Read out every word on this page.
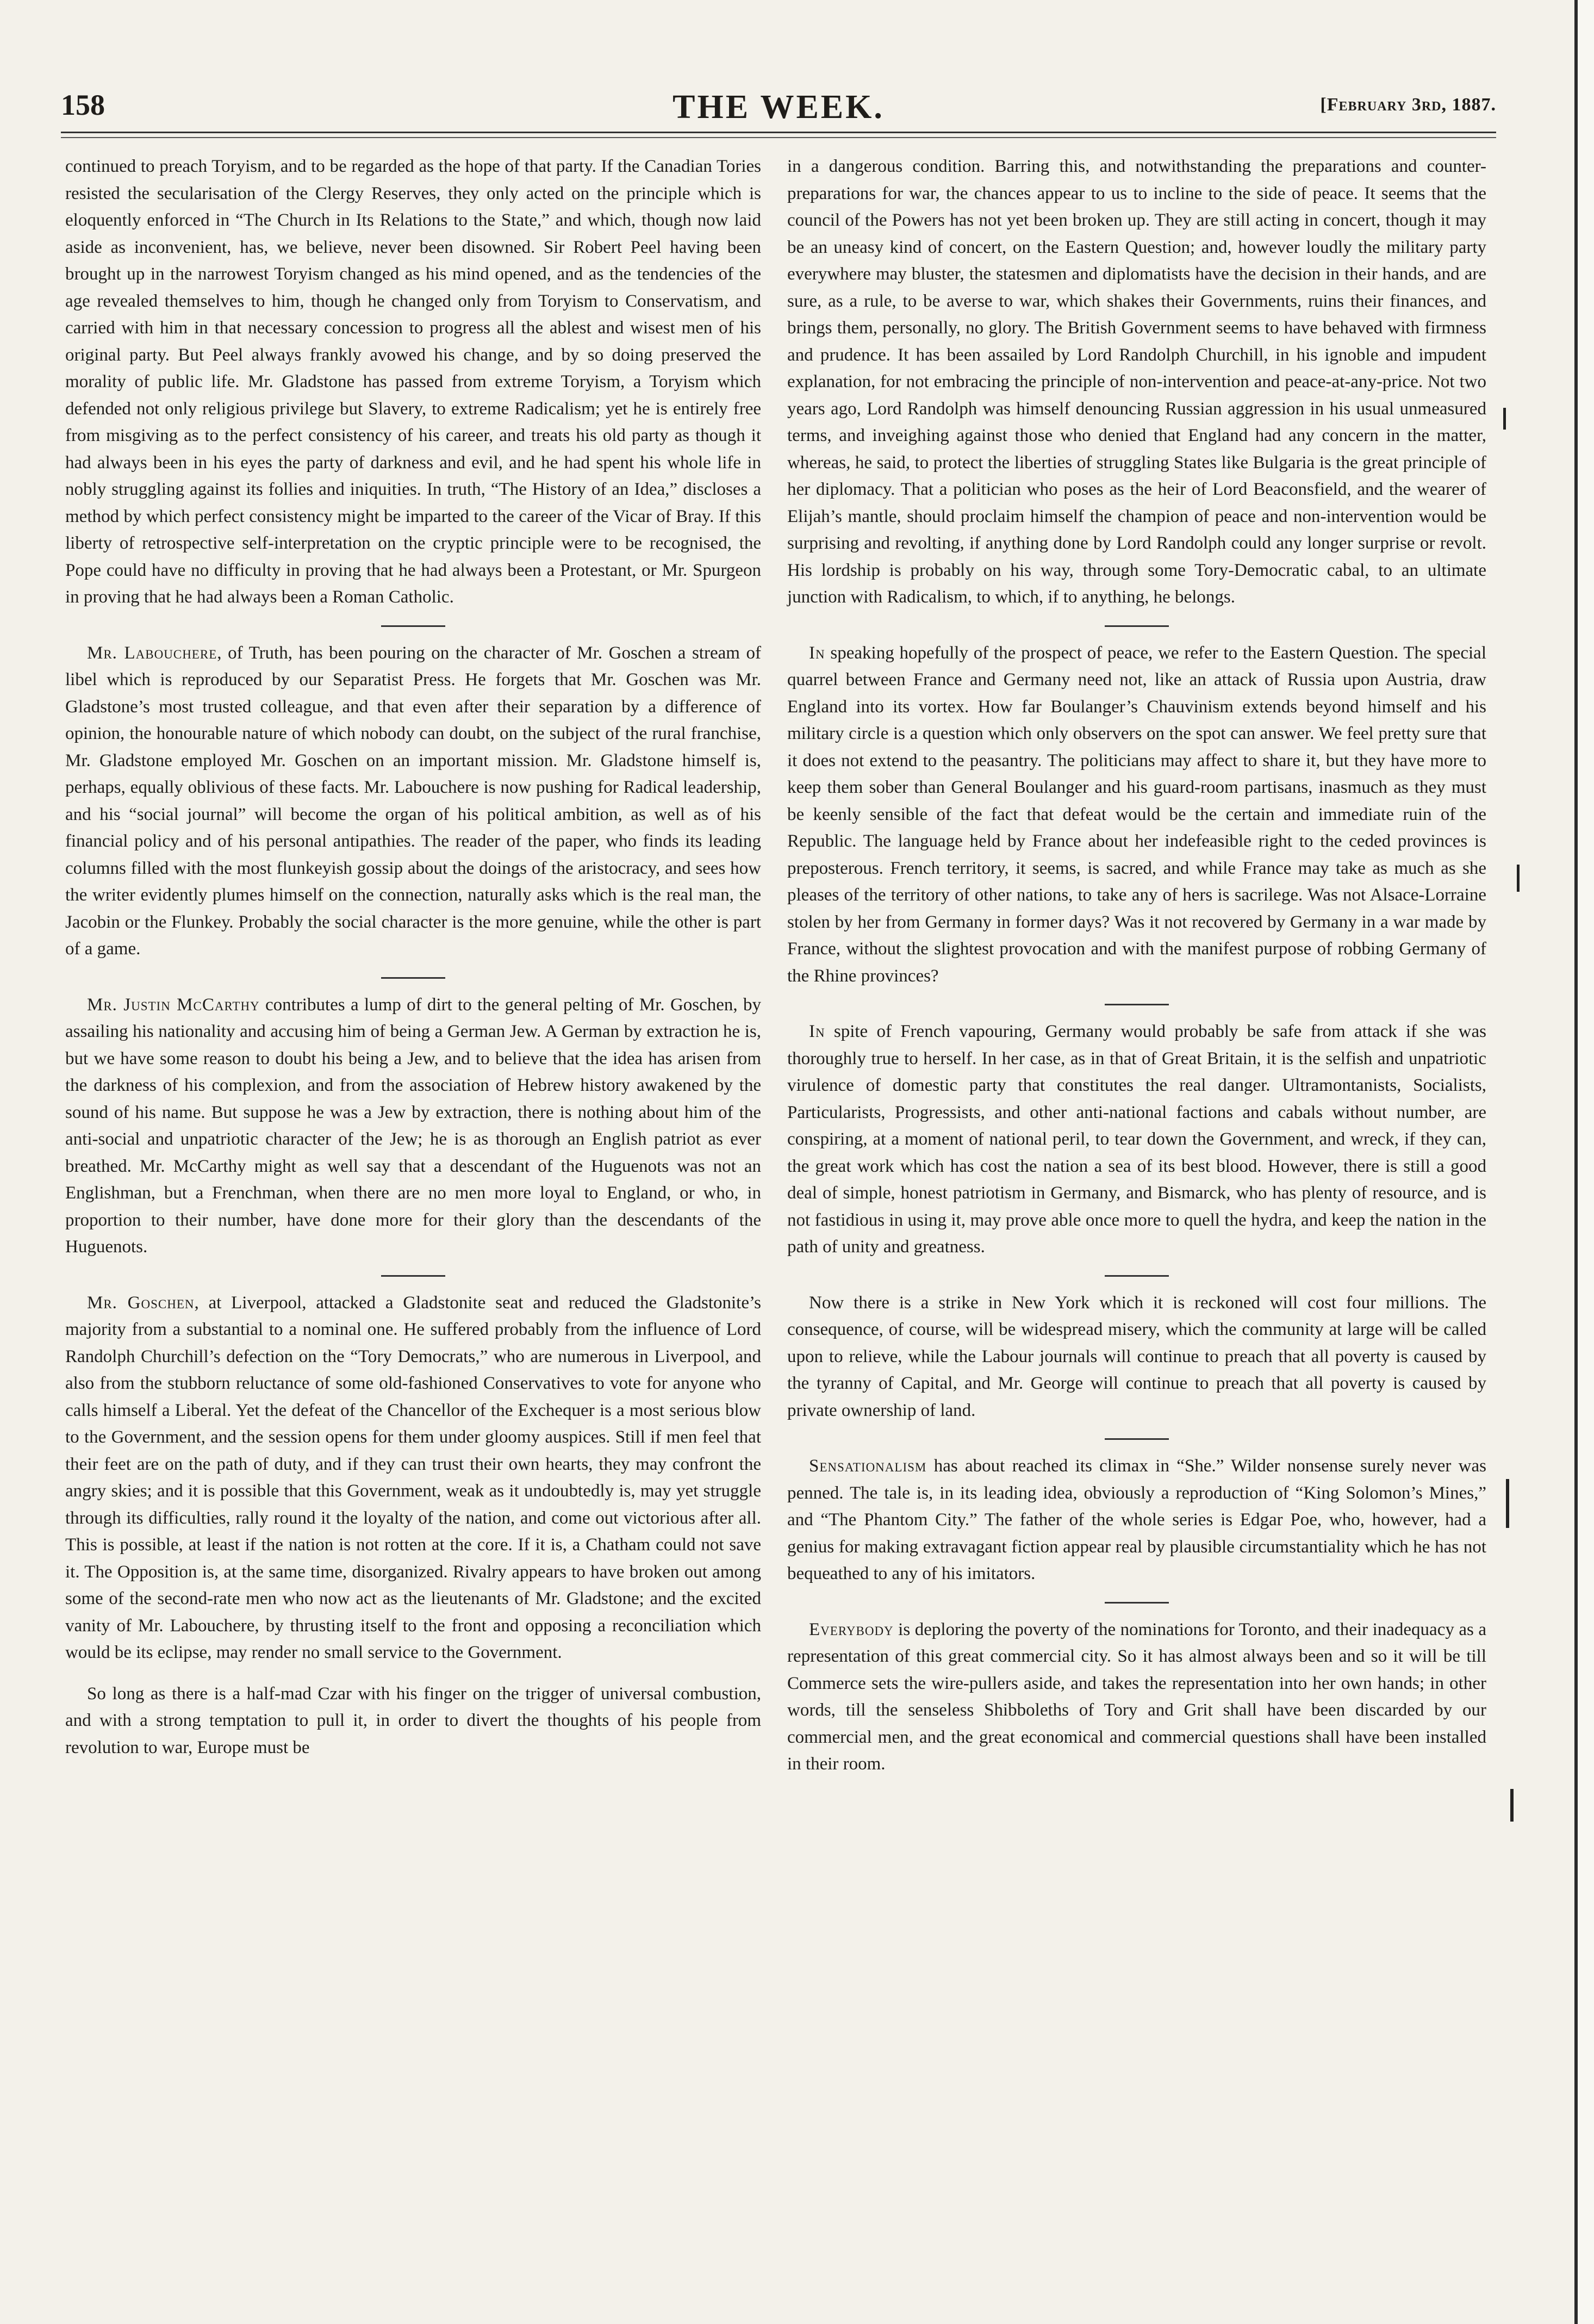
158	THE WEEK.	[February 3rd, 1887.

continued to preach Toryism, and to be regarded as the hope of that party. If the Canadian Tories resisted the secularisation of the Clergy Reserves, they only acted on the principle which is eloquently enforced in “The Church in Its Relations to the State,” and which, though now laid aside as inconvenient, has, we believe, never been disowned. Sir Robert Peel having been brought up in the narrowest Toryism changed as his mind opened, and as the tendencies of the age revealed themselves to him, though he changed only from Toryism to Conservatism, and carried with him in that necessary concession to progress all the ablest and wisest men of his original party. But Peel always frankly avowed his change, and by so doing preserved the morality of public life. Mr. Gladstone has passed from extreme Toryism, a Toryism which defended not only religious privilege but Slavery, to extreme Radicalism; yet he is entirely free from misgiving as to the perfect consistency of his career, and treats his old party as though it had always been in his eyes the party of darkness and evil, and he had spent his whole life in nobly struggling against its follies and iniquities. In truth, “The History of an Idea,” discloses a method by which perfect consistency might be imparted to the career of the Vicar of Bray. If this liberty of retrospective self-interpretation on the cryptic principle were to be recognised, the Pope could have no difficulty in proving that he had always been a Protestant, or Mr. Spurgeon in proving that he had always been a Roman Catholic.

Mr. Labouchere, of Truth, has been pouring on the character of Mr. Goschen a stream of libel which is reproduced by our Separatist Press. He forgets that Mr. Goschen was Mr. Gladstone’s most trusted colleague, and that even after their separation by a difference of opinion, the honourable nature of which nobody can doubt, on the subject of the rural franchise, Mr. Gladstone employed Mr. Goschen on an important mission. Mr. Gladstone himself is, perhaps, equally oblivious of these facts. Mr. Labouchere is now pushing for Radical leadership, and his “social journal” will become the organ of his political ambition, as well as of his financial policy and of his personal antipathies. The reader of the paper, who finds its leading columns filled with the most flunkeyish gossip about the doings of the aristocracy, and sees how the writer evidently plumes himself on the connection, naturally asks which is the real man, the Jacobin or the Flunkey. Probably the social character is the more genuine, while the other is part of a game.

Mr. Justin McCarthy contributes a lump of dirt to the general pelting of Mr. Goschen, by assailing his nationality and accusing him of being a German Jew. A German by extraction he is, but we have some reason to doubt his being a Jew, and to believe that the idea has arisen from the darkness of his complexion, and from the association of Hebrew history awakened by the sound of his name. But suppose he was a Jew by extraction, there is nothing about him of the anti-social and unpatriotic character of the Jew; he is as thorough an English patriot as ever breathed. Mr. McCarthy might as well say that a descendant of the Huguenots was not an Englishman, but a Frenchman, when there are no men more loyal to England, or who, in proportion to their number, have done more for their glory than the descendants of the Huguenots.

Mr. Goschen, at Liverpool, attacked a Gladstonite seat and reduced the Gladstonite’s majority from a substantial to a nominal one. He suffered probably from the influence of Lord Randolph Churchill’s defection on the “Tory Democrats,” who are numerous in Liverpool, and also from the stubborn reluctance of some old-fashioned Conservatives to vote for anyone who calls himself a Liberal. Yet the defeat of the Chancellor of the Exchequer is a most serious blow to the Government, and the session opens for them under gloomy auspices. Still if men feel that their feet are on the path of duty, and if they can trust their own hearts, they may confront the angry skies; and it is possible that this Government, weak as it undoubtedly is, may yet struggle through its difficulties, rally round it the loyalty of the nation, and come out victorious after all. This is possible, at least if the nation is not rotten at the core. If it is, a Chatham could not save it. The Opposition is, at the same time, disorganized. Rivalry appears to have broken out among some of the second-rate men who now act as the lieutenants of Mr. Gladstone; and the excited vanity of Mr. Labouchere, by thrusting itself to the front and opposing a reconciliation which would be its eclipse, may render no small service to the Government.

So long as there is a half-mad Czar with his finger on the trigger of universal combustion, and with a strong temptation to pull it, in order to divert the thoughts of his people from revolution to war, Europe must be

in a dangerous condition. Barring this, and notwithstanding the preparations and counter-preparations for war, the chances appear to us to incline to the side of peace. It seems that the council of the Powers has not yet been broken up. They are still acting in concert, though it may be an uneasy kind of concert, on the Eastern Question; and, however loudly the military party everywhere may bluster, the statesmen and diplomatists have the decision in their hands, and are sure, as a rule, to be averse to war, which shakes their Governments, ruins their finances, and brings them, personally, no glory. The British Government seems to have behaved with firmness and prudence. It has been assailed by Lord Randolph Churchill, in his ignoble and impudent explanation, for not embracing the principle of non-intervention and peace-at-any-price. Not two years ago, Lord Randolph was himself denouncing Russian aggression in his usual unmeasured terms, and inveighing against those who denied that England had any concern in the matter, whereas, he said, to protect the liberties of struggling States like Bulgaria is the great principle of her diplomacy. That a politician who poses as the heir of Lord Beaconsfield, and the wearer of Elijah’s mantle, should proclaim himself the champion of peace and non-intervention would be surprising and revolting, if anything done by Lord Randolph could any longer surprise or revolt. His lordship is probably on his way, through some Tory-Democratic cabal, to an ultimate junction with Radicalism, to which, if to anything, he belongs.

In speaking hopefully of the prospect of peace, we refer to the Eastern Question. The special quarrel between France and Germany need not, like an attack of Russia upon Austria, draw England into its vortex. How far Boulanger’s Chauvinism extends beyond himself and his military circle is a question which only observers on the spot can answer. We feel pretty sure that it does not extend to the peasantry. The politicians may affect to share it, but they have more to keep them sober than General Boulanger and his guard-room partisans, inasmuch as they must be keenly sensible of the fact that defeat would be the certain and immediate ruin of the Republic. The language held by France about her indefeasible right to the ceded provinces is preposterous. French territory, it seems, is sacred, and while France may take as much as she pleases of the territory of other nations, to take any of hers is sacrilege. Was not Alsace-Lorraine stolen by her from Germany in former days? Was it not recovered by Germany in a war made by France, without the slightest provocation and with the manifest purpose of robbing Germany of the Rhine provinces?

In spite of French vapouring, Germany would probably be safe from attack if she was thoroughly true to herself. In her case, as in that of Great Britain, it is the selfish and unpatriotic virulence of domestic party that constitutes the real danger. Ultramontanists, Socialists, Particularists, Progressists, and other anti-national factions and cabals without number, are conspiring, at a moment of national peril, to tear down the Government, and wreck, if they can, the great work which has cost the nation a sea of its best blood. However, there is still a good deal of simple, honest patriotism in Germany, and Bismarck, who has plenty of resource, and is not fastidious in using it, may prove able once more to quell the hydra, and keep the nation in the path of unity and greatness.

Now there is a strike in New York which it is reckoned will cost four millions. The consequence, of course, will be widespread misery, which the community at large will be called upon to relieve, while the Labour journals will continue to preach that all poverty is caused by the tyranny of Capital, and Mr. George will continue to preach that all poverty is caused by private ownership of land.

Sensationalism has about reached its climax in “She.” Wilder nonsense surely never was penned. The tale is, in its leading idea, obviously a reproduction of “King Solomon’s Mines,” and “The Phantom City.” The father of the whole series is Edgar Poe, who, however, had a genius for making extravagant fiction appear real by plausible circumstantiality which he has not bequeathed to any of his imitators.

Everybody is deploring the poverty of the nominations for Toronto, and their inadequacy as a representation of this great commercial city. So it has almost always been and so it will be till Commerce sets the wire-pullers aside, and takes the representation into her own hands; in other words, till the senseless Shibboleths of Tory and Grit shall have been discarded by our commercial men, and the great economical and commercial questions shall have been installed in their room.
